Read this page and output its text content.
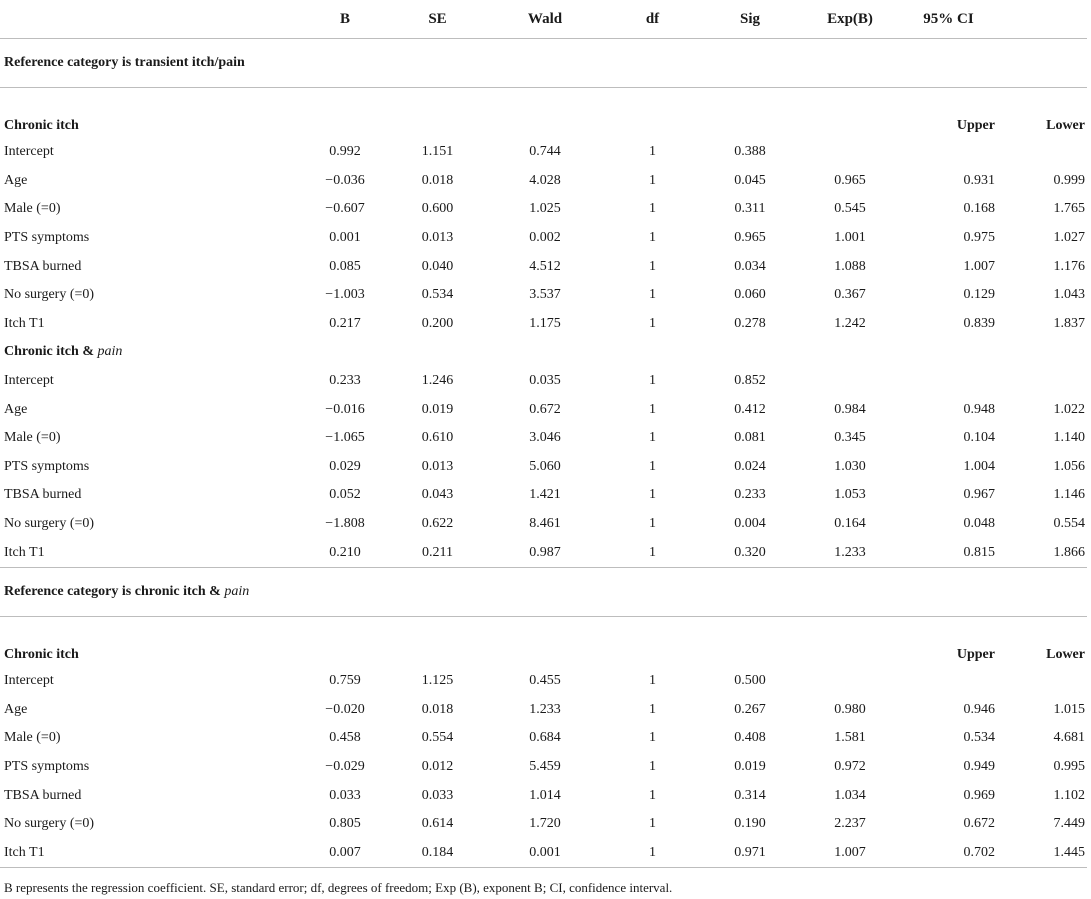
	B	SE	Wald	df	Sig	Exp(B)	95% CI	
Reference category is transient itch/pain								
Chronic itch							Upper	Lower
Intercept	0.992	1.151	0.744	1	0.388			
Age	−0.036	0.018	4.028	1	0.045	0.965	0.931	0.999
Male (=0)	−0.607	0.600	1.025	1	0.311	0.545	0.168	1.765
PTS symptoms	0.001	0.013	0.002	1	0.965	1.001	0.975	1.027
TBSA burned	0.085	0.040	4.512	1	0.034	1.088	1.007	1.176
No surgery (=0)	−1.003	0.534	3.537	1	0.060	0.367	0.129	1.043
Itch T1	0.217	0.200	1.175	1	0.278	1.242	0.839	1.837
Chronic itch & pain								
Intercept	0.233	1.246	0.035	1	0.852			
Age	−0.016	0.019	0.672	1	0.412	0.984	0.948	1.022
Male (=0)	−1.065	0.610	3.046	1	0.081	0.345	0.104	1.140
PTS symptoms	0.029	0.013	5.060	1	0.024	1.030	1.004	1.056
TBSA burned	0.052	0.043	1.421	1	0.233	1.053	0.967	1.146
No surgery (=0)	−1.808	0.622	8.461	1	0.004	0.164	0.048	0.554
Itch T1	0.210	0.211	0.987	1	0.320	1.233	0.815	1.866
Reference category is chronic itch & pain								
Chronic itch							Upper	Lower
Intercept	0.759	1.125	0.455	1	0.500			
Age	−0.020	0.018	1.233	1	0.267	0.980	0.946	1.015
Male (=0)	0.458	0.554	0.684	1	0.408	1.581	0.534	4.681
PTS symptoms	−0.029	0.012	5.459	1	0.019	0.972	0.949	0.995
TBSA burned	0.033	0.033	1.014	1	0.314	1.034	0.969	1.102
No surgery (=0)	0.805	0.614	1.720	1	0.190	2.237	0.672	7.449
Itch T1	0.007	0.184	0.001	1	0.971	1.007	0.702	1.445
B represents the regression coefficient. SE, standard error; df, degrees of freedom; Exp (B), exponent B; CI, confidence interval.
